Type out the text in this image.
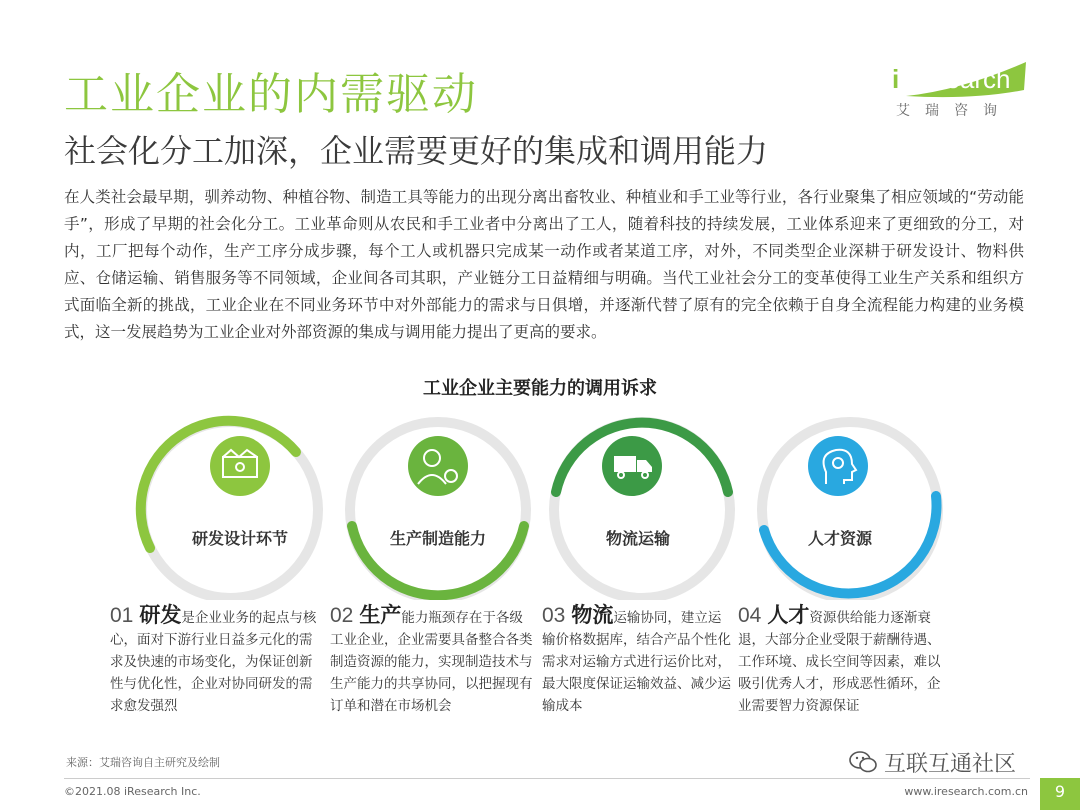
工业企业的内需驱动
社会化分工加深，企业需要更好的集成和调用能力
iResearch
艾瑞咨询
在人类社会最早期，驯养动物、种植谷物、制造工具等能力的出现分离出畜牧业、种植业和手工业等行业，各行业聚集了相应领域的“劳动能手”，形成了早期的社会化分工。工业革命则从农民和手工业者中分离出了工人，随着科技的持续发展，工业体系迎来了更细致的分工，对内，工厂把每个动作，生产工序分成步骤，每个工人或机器只完成某一动作或者某道工序，对外，不同类型企业深耕于研发设计、物料供应、仓储运输、销售服务等不同领域，企业间各司其职，产业链分工日益精细与明确。当代工业社会分工的变革使得工业生产关系和组织方式面临全新的挑战，工业企业在不同业务环节中对外部能力的需求与日俱增，并逐渐代替了原有的完全依赖于自身全流程能力构建的业务模式，这一发展趋势为工业企业对外部资源的集成与调用能力提出了更高的要求。
工业企业主要能力的调用诉求
研发设计环节	生产制造能力	物流运输	人才资源
01 研发是企业业务的起点与核心，面对下游行业日益多元化的需求及快速的市场变化，为保证创新性与优化性，企业对协同研发的需求愈发强烈
02 生产能力瓶颈存在于各级工业企业，企业需要具备整合各类制造资源的能力，实现制造技术与生产能力的共享协同，以把握现有订单和潜在市场机会
03 物流运输协同，建立运输价格数据库，结合产品个性化需求对运输方式进行运价比对，最大限度保证运输效益、减少运输成本
04 人才资源供给能力逐渐衰退，大部分企业受限于薪酬待遇、工作环境、成长空间等因素，难以吸引优秀人才，形成恶性循环，企业需要智力资源保证
来源：艾瑞咨询自主研究及绘制	互联互通社区
©2021.08 iResearch Inc.	www.iresearch.com.cn	9
